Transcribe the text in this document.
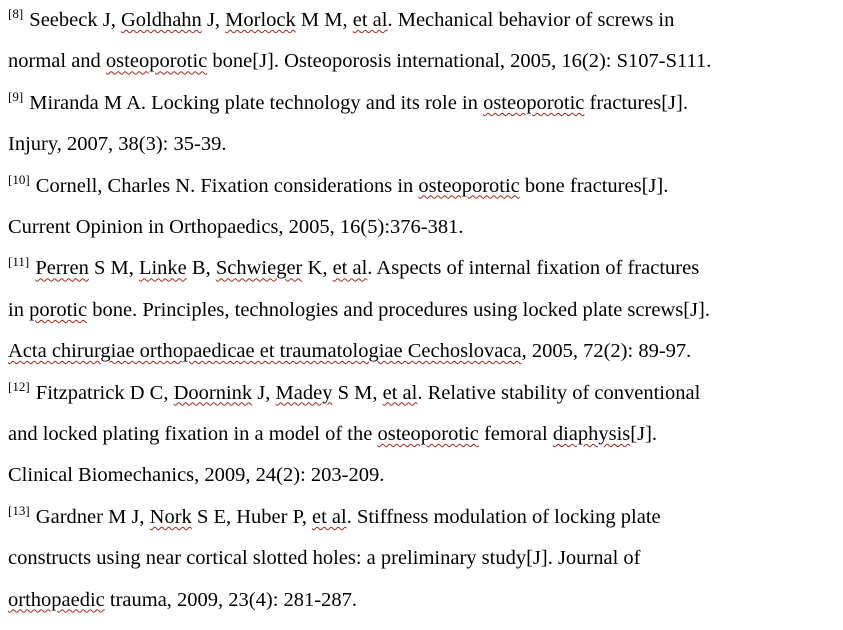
[8] Seebeck J, Goldhahn J, Morlock M M, et al. Mechanical behavior of screws in
normal and osteoporotic bone[J]. Osteoporosis international, 2005, 16(2): S107-S111.
[9] Miranda M A. Locking plate technology and its role in osteoporotic fractures[J].
Injury, 2007, 38(3): 35-39.
[10] Cornell, Charles N. Fixation considerations in osteoporotic bone fractures[J].
Current Opinion in Orthopaedics, 2005, 16(5):376-381.
[11] Perren S M, Linke B, Schwieger K, et al. Aspects of internal fixation of fractures
in porotic bone. Principles, technologies and procedures using locked plate screws[J].
Acta chirurgiae orthopaedicae et traumatologiae Cechoslovaca, 2005, 72(2): 89-97.
[12] Fitzpatrick D C, Doornink J, Madey S M, et al. Relative stability of conventional
and locked plating fixation in a model of the osteoporotic femoral diaphysis[J].
Clinical Biomechanics, 2009, 24(2): 203-209.
[13] Gardner M J, Nork S E, Huber P, et al. Stiffness modulation of locking plate
constructs using near cortical slotted holes: a preliminary study[J]. Journal of
orthopaedic trauma, 2009, 23(4): 281-287.
